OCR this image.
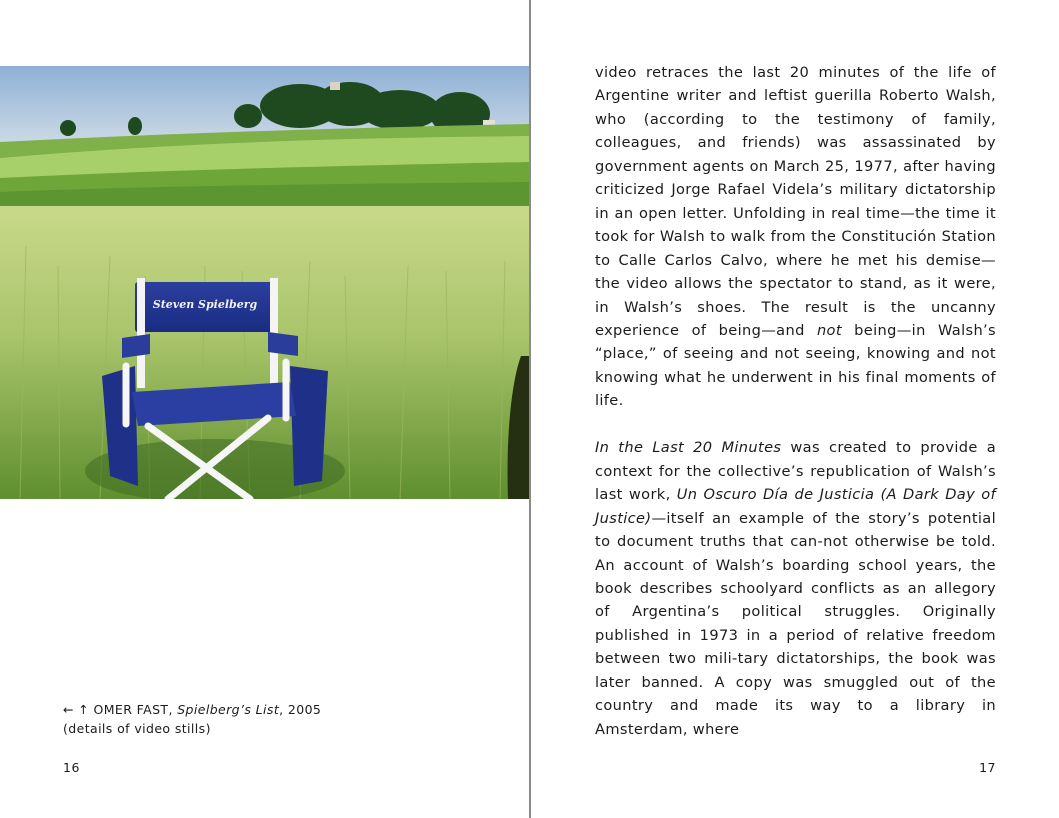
Steven Spielberg
← ↑ OMER FAST, Spielberg’s List, 2005
(details of video stills)
16

video retraces the last 20 minutes of the life of Argentine writer and leftist guerilla Roberto Walsh, who (according to the testimony of family, colleagues, and friends) was assassinated by government agents on March 25, 1977, after having criticized Jorge Rafael Videla’s military dictatorship in an open letter. Unfolding in real time—the time it took for Walsh to walk from the Constitución Station to Calle Carlos Calvo, where he met his demise—the video allows the spectator to stand, as it were, in Walsh’s shoes. The result is the uncanny experience of being—and not being—in Walsh’s “place,” of seeing and not seeing, knowing and not knowing what he underwent in his final moments of life.

In the Last 20 Minutes was created to provide a context for the collective’s republication of Walsh’s last work, Un Oscuro Día de Justicia (A Dark Day of Justice)—itself an example of the story’s potential to document truths that can-not otherwise be told. An account of Walsh’s boarding school years, the book describes schoolyard conflicts as an allegory of Argentina’s political struggles. Originally published in 1973 in a period of relative freedom between two mili-tary dictatorships, the book was later banned. A copy was smuggled out of the country and made its way to a library in Amsterdam, where

17
